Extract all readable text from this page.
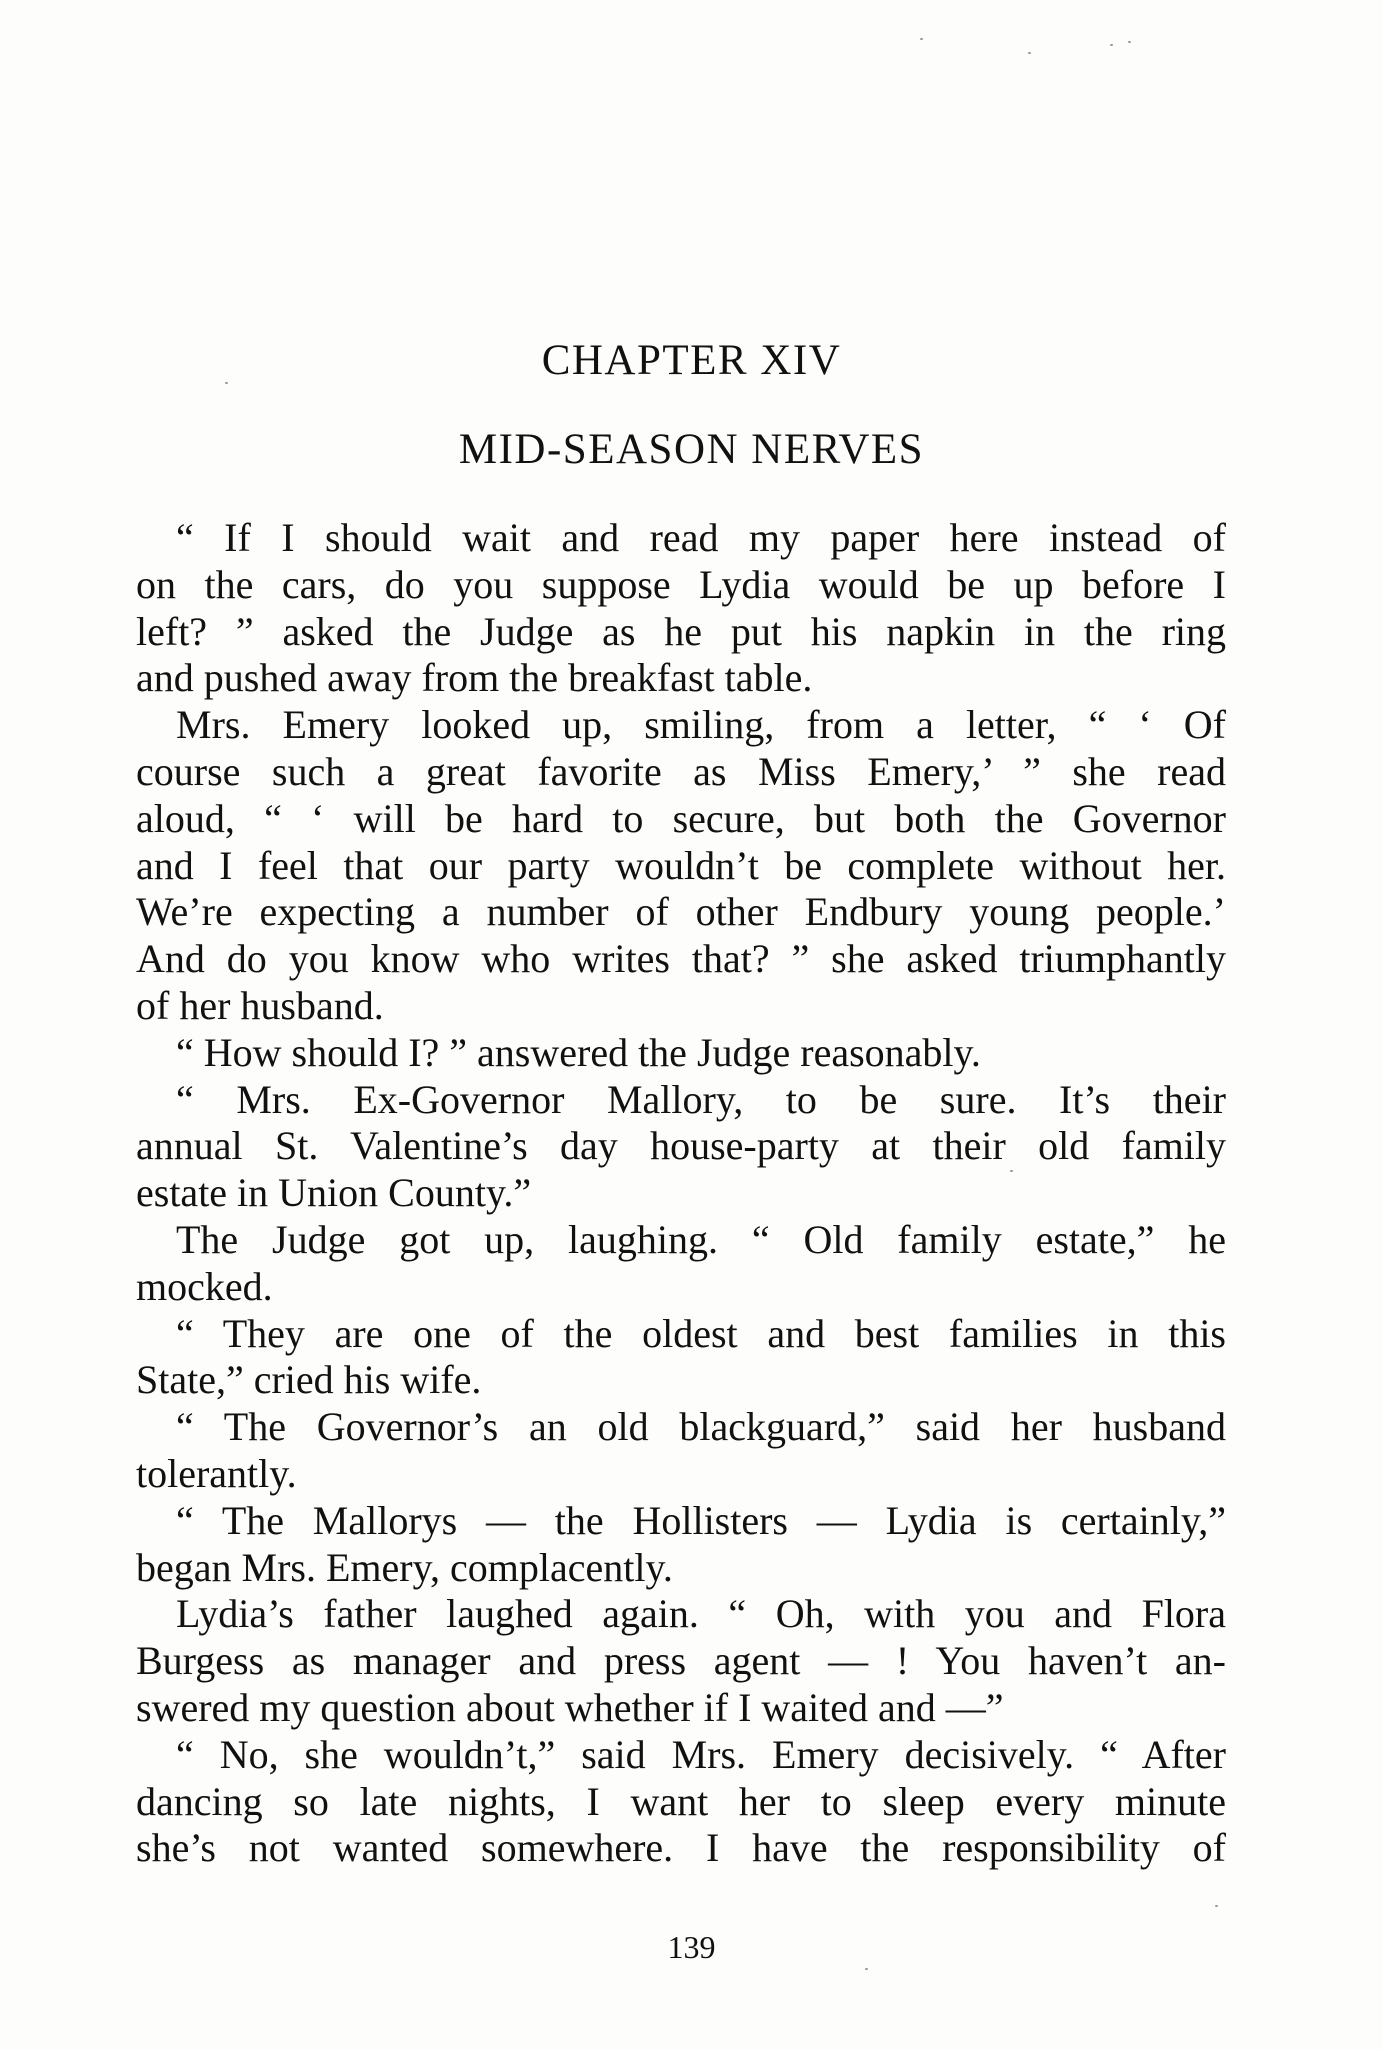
CHAPTER XIV
MID-SEASON NERVES
“ If I should wait and read my paper here instead of
on the cars, do you suppose Lydia would be up before I
left? ” asked the Judge as he put his napkin in the ring
and pushed away from the breakfast table.
Mrs. Emery looked up, smiling, from a letter, “ ‘ Of
course such a great favorite as Miss Emery,’ ” she read
aloud, “ ‘ will be hard to secure, but both the Governor
and I feel that our party wouldn’t be complete without her.
We’re expecting a number of other Endbury young people.’
And do you know who writes that? ” she asked triumphantly
of her husband.
“ How should I? ” answered the Judge reasonably.
“ Mrs. Ex-Governor Mallory, to be sure. It’s their
annual St. Valentine’s day house-party at their old family
estate in Union County.”
The Judge got up, laughing. “ Old family estate,” he
mocked.
“ They are one of the oldest and best families in this
State,” cried his wife.
“ The Governor’s an old blackguard,” said her husband
tolerantly.
“ The Mallorys — the Hollisters — Lydia is certainly,”
began Mrs. Emery, complacently.
Lydia’s father laughed again. “ Oh, with you and Flora
Burgess as manager and press agent — ! You haven’t an-
swered my question about whether if I waited and —”
“ No, she wouldn’t,” said Mrs. Emery decisively. “ After
dancing so late nights, I want her to sleep every minute
she’s not wanted somewhere. I have the responsibility of
139
